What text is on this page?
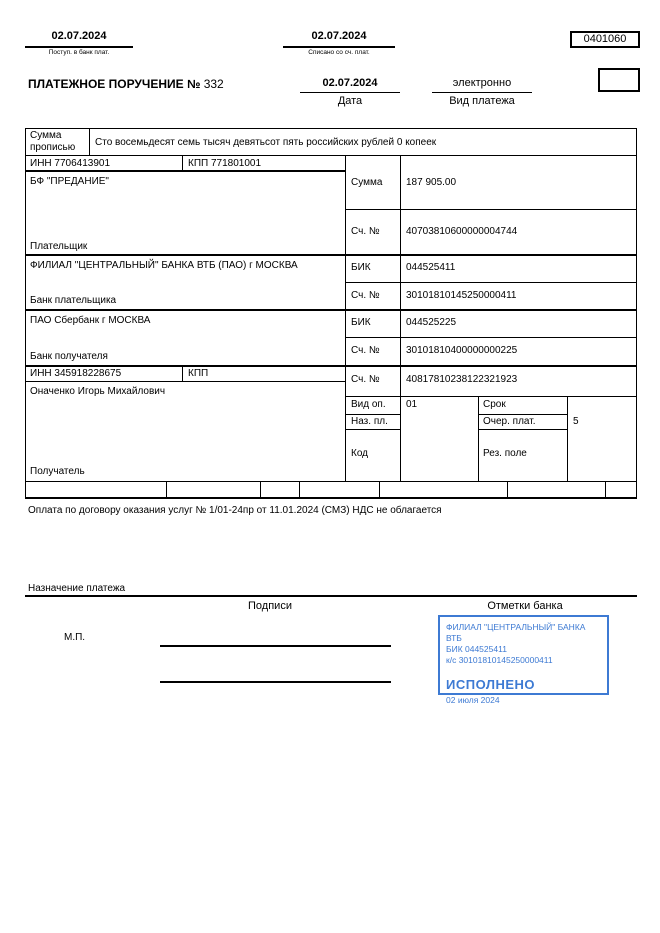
02.07.2024
Поступ. в банк плат.
02.07.2024
Списано со сч. плат.
0401060
ПЛАТЕЖНОЕ ПОРУЧЕНИЕ № 332	02.07.2024
Дата
электронно
Вид платежа
Сумма прописью	Сто восемьдесят семь тысяч девятьсот пять российских рублей 0 копеек
ИНН 7706413901	КПП 771801001
БФ "ПРЕДАНИЕ"
Плательщик
Сумма 187 905.00
Сч. №	40703810600000004744
ФИЛИАЛ "ЦЕНТРАЛЬНЫЙ" БАНКА ВТБ (ПАО) г МОСКВА
Банк плательщика
БИК	044525411
Сч. №	30101810145250000411
ПАО Сбербанк г МОСКВА
Банк получателя
БИК	044525225
Сч. №	30101810400000000225
ИНН 345918228675	КПП
Оначенко Игорь Михайлович
Получатель
Сч. №	40817810238122321923
Вид оп. 01	Срок
Наз. пл.	Очер. плат.	5
Код	Рез. поле
Оплата по договору оказания услуг № 1/01-24пр от 11.01.2024 (СМЗ) НДС не облагается
Назначение платежа
Подписи	Отметки банка
М.П.
ФИЛИАЛ "ЦЕНТРАЛЬНЫЙ" БАНКА ВТБ
БИК 044525411
к/с 30101810145250000411
ИСПОЛНЕНО
02 июля 2024
